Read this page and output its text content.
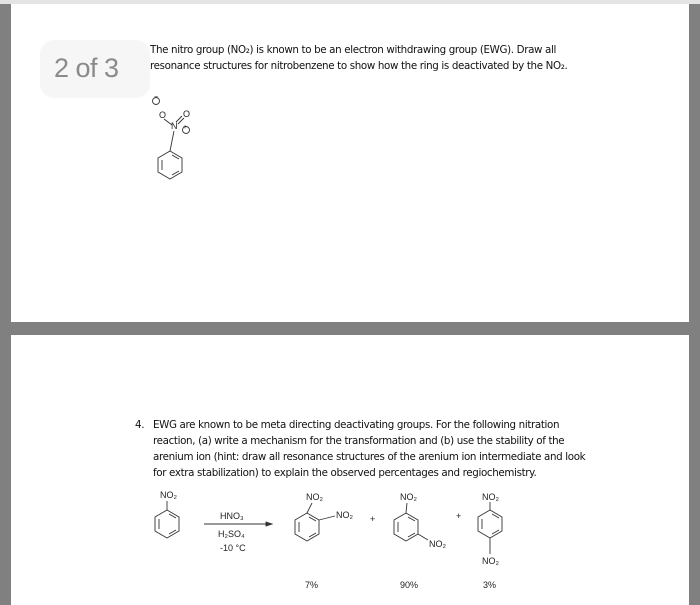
2 of 3
The nitro group (NO₂) is known to be an electron withdrawing group (EWG). Draw all
resonance structures for nitrobenzene to show how the ring is deactivated by the NO₂.
−
O
N
O
+
4. EWG are known to be meta directing deactivating groups. For the following nitration
reaction, (a) write a mechanism for the transformation and (b) use the stability of the
arenium ion (hint: draw all resonance structures of the arenium ion intermediate and look
for extra stabilization) to explain the observed percentages and regiochemistry.
NO₂
HNO₃
H₂SO₄
-10 °C
NO₂
NO₂ +
NO₂
NO₂
+
NO₂
NO₂
7%	90%	3%
